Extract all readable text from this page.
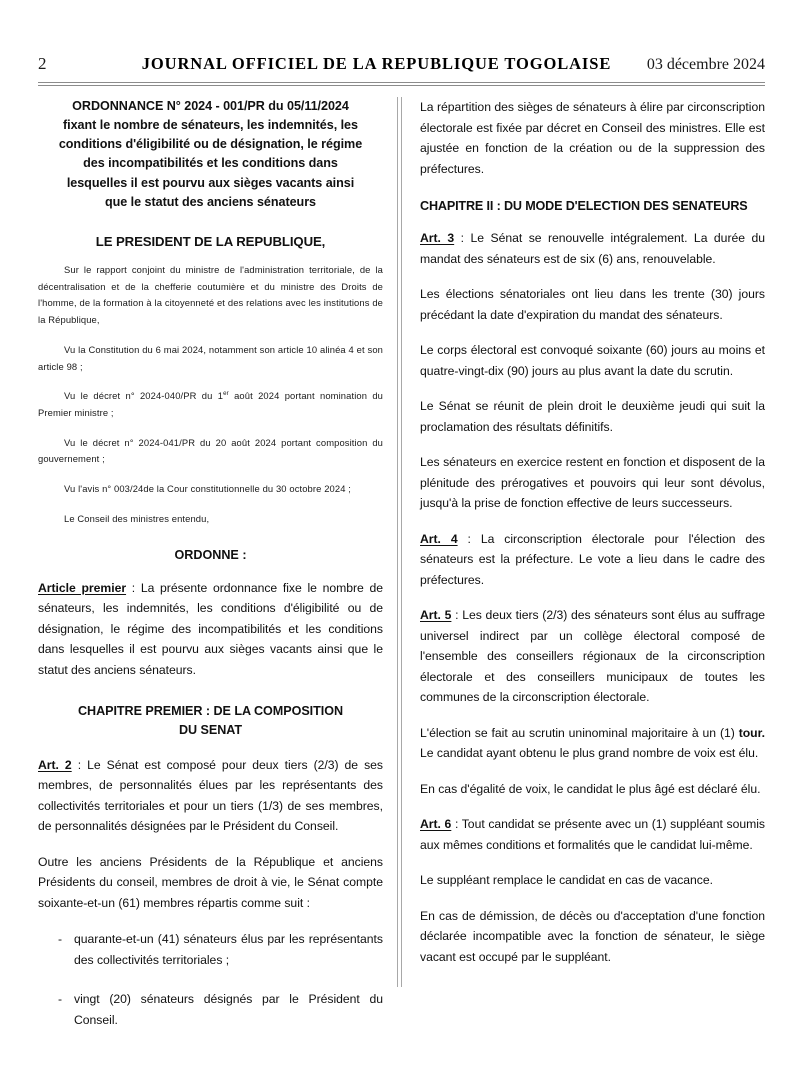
2	JOURNAL OFFICIEL DE LA REPUBLIQUE TOGOLAISE	03 décembre 2024
ORDONNANCE N° 2024 - 001/PR du 05/11/2024
fixant le nombre de sénateurs, les indemnités, les
conditions d'éligibilité ou de désignation, le régime
des incompatibilités et les conditions dans
lesquelles il est pourvu aux sièges vacants ainsi
que le statut des anciens sénateurs
LE PRESIDENT DE LA REPUBLIQUE,

Sur le rapport conjoint du ministre de l'administration territoriale, de la décentralisation et de la chefferie coutumière et du ministre des Droits de l'homme, de la formation à la citoyenneté et des relations avec les institutions de la République,

Vu la Constitution du 6 mai 2024, notamment son article 10 alinéa 4 et son article 98 ;

Vu le décret n° 2024-040/PR du 1er août 2024 portant nomination du Premier ministre ;

Vu le décret n° 2024-041/PR du 20 août 2024 portant composition du gouvernement ;

Vu l'avis n° 003/24de la Cour constitutionnelle du 30 octobre 2024 ;

Le Conseil des ministres entendu,

ORDONNE :

Article premier : La présente ordonnance fixe le nombre de sénateurs, les indemnités, les conditions d'éligibilité ou de désignation, le régime des incompatibilités et les conditions dans lesquelles il est pourvu aux sièges vacants ainsi que le statut des anciens sénateurs.

CHAPITRE PREMIER : DE LA COMPOSITION
DU SENAT

Art. 2 : Le Sénat est composé pour deux tiers (2/3) de ses membres, de personnalités élues par les représentants des collectivités territoriales et pour un tiers (1/3) de ses membres, de personnalités désignées par le Président du Conseil.

Outre les anciens Présidents de la République et anciens Présidents du conseil, membres de droit à vie, le Sénat compte soixante-et-un (61) membres répartis comme suit :

- quarante-et-un (41) sénateurs élus par les représentants des collectivités territoriales ;
- vingt (20) sénateurs désignés par le Président du Conseil.

La répartition des sièges de sénateurs à élire par circonscription électorale est fixée par décret en Conseil des ministres. Elle est ajustée en fonction de la création ou de la suppression des préfectures.

CHAPITRE II : DU MODE D'ELECTION DES SENATEURS

Art. 3 : Le Sénat se renouvelle intégralement. La durée du mandat des sénateurs est de six (6) ans, renouvelable.

Les élections sénatoriales ont lieu dans les trente (30) jours précédant la date d'expiration du mandat des sénateurs.

Le corps électoral est convoqué soixante (60) jours au moins et quatre-vingt-dix (90) jours au plus avant la date du scrutin.

Le Sénat se réunit de plein droit le deuxième jeudi qui suit la proclamation des résultats définitifs.

Les sénateurs en exercice restent en fonction et disposent de la plénitude des prérogatives et pouvoirs qui leur sont dévolus, jusqu'à la prise de fonction effective de leurs successeurs.

Art. 4 : La circonscription électorale pour l'élection des sénateurs est la préfecture. Le vote a lieu dans le cadre des préfectures.

Art. 5 : Les deux tiers (2/3) des sénateurs sont élus au suffrage universel indirect par un collège électoral composé de l'ensemble des conseillers régionaux de la circonscription électorale et des conseillers municipaux de toutes les communes de la circonscription électorale.

L'élection se fait au scrutin uninominal majoritaire à un (1) tour. Le candidat ayant obtenu le plus grand nombre de voix est élu.

En cas d'égalité de voix, le candidat le plus âgé est déclaré élu.

Art. 6 : Tout candidat se présente avec un (1) suppléant soumis aux mêmes conditions et formalités que le candidat lui-même.

Le suppléant remplace le candidat en cas de vacance.

En cas de démission, de décès ou d'acceptation d'une fonction déclarée incompatible avec la fonction de sénateur, le siège vacant est occupé par le suppléant.
